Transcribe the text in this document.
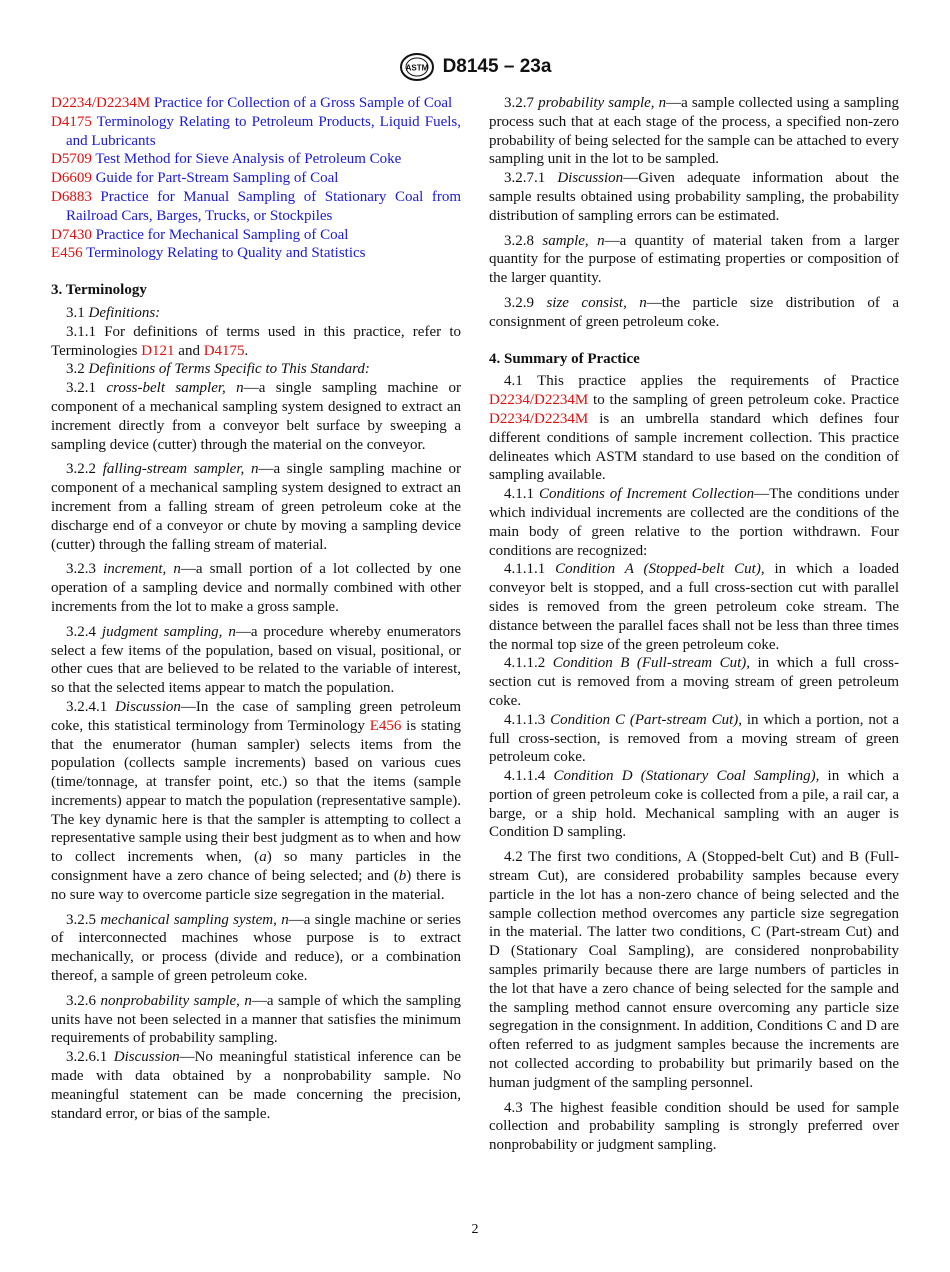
ASTM D8145 – 23a
D2234/D2234M Practice for Collection of a Gross Sample of Coal
D4175 Terminology Relating to Petroleum Products, Liquid Fuels, and Lubricants
D5709 Test Method for Sieve Analysis of Petroleum Coke
D6609 Guide for Part-Stream Sampling of Coal
D6883 Practice for Manual Sampling of Stationary Coal from Railroad Cars, Barges, Trucks, or Stockpiles
D7430 Practice for Mechanical Sampling of Coal
E456 Terminology Relating to Quality and Statistics
3. Terminology

3.1 Definitions:

3.1.1 For definitions of terms used in this practice, refer to Terminologies D121 and D4175.

3.2 Definitions of Terms Specific to This Standard:

3.2.1 cross-belt sampler, n—a single sampling machine or component of a mechanical sampling system designed to extract an increment directly from a conveyor belt surface by sweeping a sampling device (cutter) through the material on the conveyor.

3.2.2 falling-stream sampler, n—a single sampling machine or component of a mechanical sampling system designed to extract an increment from a falling stream of green petroleum coke at the discharge end of a conveyor or chute by moving a sampling device (cutter) through the falling stream of material.

3.2.3 increment, n—a small portion of a lot collected by one operation of a sampling device and normally combined with other increments from the lot to make a gross sample.

3.2.4 judgment sampling, n—a procedure whereby enumerators select a few items of the population, based on visual, positional, or other cues that are believed to be related to the variable of interest, so that the selected items appear to match the population.

3.2.4.1 Discussion—In the case of sampling green petroleum coke, this statistical terminology from Terminology E456 is stating that the enumerator (human sampler) selects items from the population (collects sample increments) based on various cues (time/tonnage, at transfer point, etc.) so that the items (sample increments) appear to match the population (representative sample). The key dynamic here is that the sampler is attempting to collect a representative sample using their best judgment as to when and how to collect increments when, (a) so many particles in the consignment have a zero chance of being selected; and (b) there is no sure way to overcome particle size segregation in the material.

3.2.5 mechanical sampling system, n—a single machine or series of interconnected machines whose purpose is to extract mechanically, or process (divide and reduce), or a combination thereof, a sample of green petroleum coke.

3.2.6 nonprobability sample, n—a sample of which the sampling units have not been selected in a manner that satisfies the minimum requirements of probability sampling.

3.2.6.1 Discussion—No meaningful statistical inference can be made with data obtained by a nonprobability sample. No meaningful statement can be made concerning the precision, standard error, or bias of the sample.

3.2.7 probability sample, n—a sample collected using a sampling process such that at each stage of the process, a specified non-zero probability of being selected for the sample can be attached to every sampling unit in the lot to be sampled.

3.2.7.1 Discussion—Given adequate information about the sample results obtained using probability sampling, the probability distribution of sampling errors can be estimated.

3.2.8 sample, n—a quantity of material taken from a larger quantity for the purpose of estimating properties or composition of the larger quantity.

3.2.9 size consist, n—the particle size distribution of a consignment of green petroleum coke.

4. Summary of Practice

4.1 This practice applies the requirements of Practice D2234/D2234M to the sampling of green petroleum coke. Practice D2234/D2234M is an umbrella standard which defines four different conditions of sample increment collection. This practice delineates which ASTM standard to use based on the condition of sampling available.

4.1.1 Conditions of Increment Collection—The conditions under which individual increments are collected are the conditions of the main body of green relative to the portion withdrawn. Four conditions are recognized:

4.1.1.1 Condition A (Stopped-belt Cut), in which a loaded conveyor belt is stopped, and a full cross-section cut with parallel sides is removed from the green petroleum coke stream. The distance between the parallel faces shall not be less than three times the normal top size of the green petroleum coke.

4.1.1.2 Condition B (Full-stream Cut), in which a full cross-section cut is removed from a moving stream of green petroleum coke.

4.1.1.3 Condition C (Part-stream Cut), in which a portion, not a full cross-section, is removed from a moving stream of green petroleum coke.

4.1.1.4 Condition D (Stationary Coal Sampling), in which a portion of green petroleum coke is collected from a pile, a rail car, a barge, or a ship hold. Mechanical sampling with an auger is Condition D sampling.

4.2 The first two conditions, A (Stopped-belt Cut) and B (Full-stream Cut), are considered probability samples because every particle in the lot has a non-zero chance of being selected and the sample collection method overcomes any particle size segregation in the material. The latter two conditions, C (Part-stream Cut) and D (Stationary Coal Sampling), are considered nonprobability samples primarily because there are large numbers of particles in the lot that have a zero chance of being selected for the sample and the sampling method cannot ensure overcoming any particle size segregation in the consignment. In addition, Conditions C and D are often referred to as judgment samples because the increments are not collected according to probability but primarily based on the human judgment of the sampling personnel.

4.3 The highest feasible condition should be used for sample collection and probability sampling is strongly preferred over nonprobability or judgment sampling.

2
